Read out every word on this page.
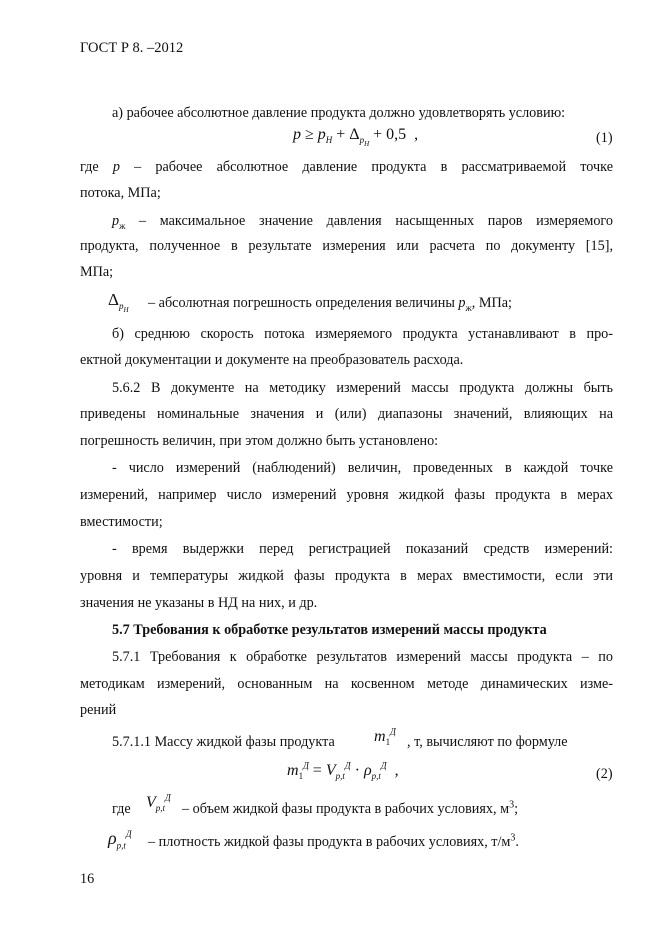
ГОСТ Р 8. –2012
а) рабочее абсолютное давление продукта должно удовлетворять условию:
$p \ge p_Н + \Delta_{p_Н} + 0,5$  ,	(1)
где p – рабочее абсолютное давление продукта в рассматриваемой точке
потока, МПа;
$p_ж$ – максимальное значение давления насыщенных паров измеряемого
продукта, полученное в результате измерения или расчета по документу [15],
МПа;
$\Delta_{p_Н}$ – абсолютная погрешность определения величины $p_ж$, МПа;
б) среднюю скорость потока измеряемого продукта устанавливают в про-
ектной документации и документе на преобразователь расхода.
5.6.2 В документе на методику измерений массы продукта должны быть
приведены номинальные значения и (или) диапазоны значений, влияющих на
погрешность величин, при этом должно быть установлено:
- число измерений (наблюдений) величин, проведенных в каждой точке
измерений, например число измерений уровня жидкой фазы продукта в мерах
вместимости;
- время выдержки перед регистрацией показаний средств измерений:
уровня и температуры жидкой фазы продукта в мерах вместимости, если эти
значения не указаны в НД на них, и др.
5.7 Требования к обработке результатов измерений массы продукта
5.7.1 Требования к обработке результатов измерений массы продукта – по
методикам измерений, основанным на косвенном методе динамических изме-
рений
5.7.1.1 Массу жидкой фазы продукта $m_1^Д$
, т, вычисляют по формуле
$m_1^Д = V_{р,t}^Д \cdot \rho_{р,t}^Д$  ,	(2)
где $V_{р,t}^Д$
– объем жидкой фазы продукта в рабочих условиях, $м^3$;
$\rho_{р,t}^Д$ – плотность жидкой фазы продукта в рабочих условиях, $т/м^3$.
16
